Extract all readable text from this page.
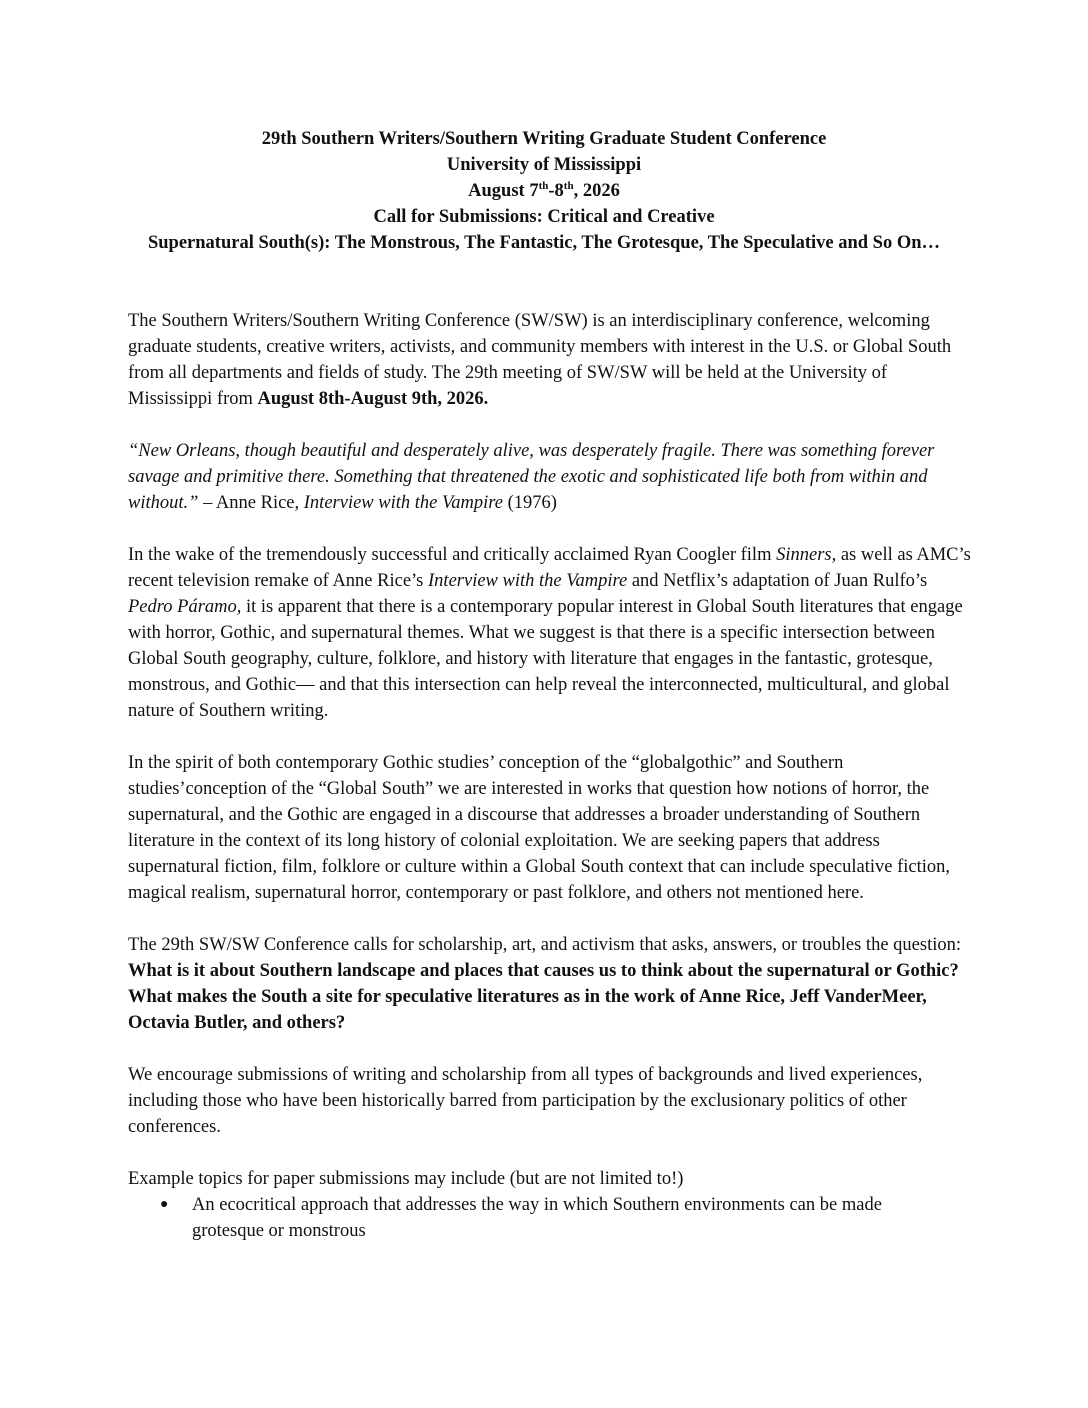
29th Southern Writers/Southern Writing Graduate Student Conference
University of Mississippi
August 7th-8th, 2026
Call for Submissions: Critical and Creative
Supernatural South(s): The Monstrous, The Fantastic, The Grotesque, The Speculative and So On…

The Southern Writers/Southern Writing Conference (SW/SW) is an interdisciplinary conference, welcoming graduate students, creative writers, activists, and community members with interest in the U.S. or Global South from all departments and fields of study. The 29th meeting of SW/SW will be held at the University of Mississippi from August 8th-August 9th, 2026.

“New Orleans, though beautiful and desperately alive, was desperately fragile. There was something forever savage and primitive there. Something that threatened the exotic and sophisticated life both from within and without.” – Anne Rice, Interview with the Vampire (1976)

In the wake of the tremendously successful and critically acclaimed Ryan Coogler film Sinners, as well as AMC’s recent television remake of Anne Rice’s Interview with the Vampire and Netflix’s adaptation of Juan Rulfo’s Pedro Páramo, it is apparent that there is a contemporary popular interest in Global South literatures that engage with horror, Gothic, and supernatural themes. What we suggest is that there is a specific intersection between Global South geography, culture, folklore, and history with literature that engages in the fantastic, grotesque, monstrous, and Gothic— and that this intersection can help reveal the interconnected, multicultural, and global nature of Southern writing.

In the spirit of both contemporary Gothic studies’ conception of the “globalgothic” and Southern studies’conception of the “Global South” we are interested in works that question how notions of horror, the supernatural, and the Gothic are engaged in a discourse that addresses a broader understanding of Southern literature in the context of its long history of colonial exploitation. We are seeking papers that address supernatural fiction, film, folklore or culture within a Global South context that can include speculative fiction, magical realism, supernatural horror, contemporary or past folklore, and others not mentioned here.

The 29th SW/SW Conference calls for scholarship, art, and activism that asks, answers, or troubles the question: What is it about Southern landscape and places that causes us to think about the supernatural or Gothic? What makes the South a site for speculative literatures as in the work of Anne Rice, Jeff VanderMeer, Octavia Butler, and others?

We encourage submissions of writing and scholarship from all types of backgrounds and lived experiences, including those who have been historically barred from participation by the exclusionary politics of other conferences.

Example topics for paper submissions may include (but are not limited to!)

● An ecocritical approach that addresses the way in which Southern environments can be made grotesque or monstrous
